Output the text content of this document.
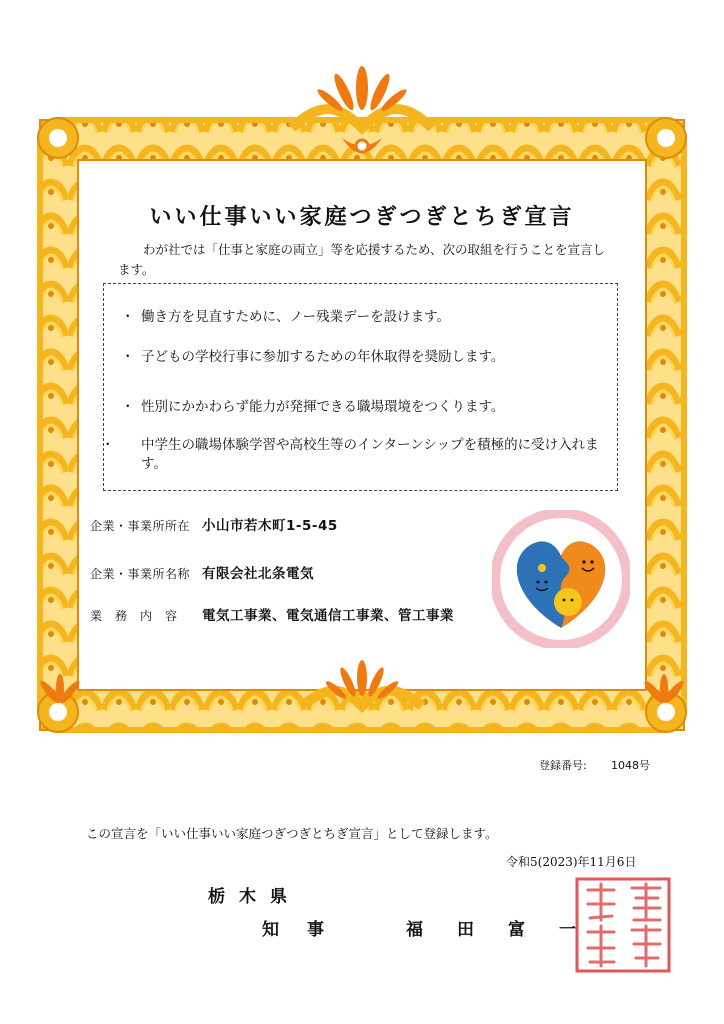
いい仕事いい家庭つぎつぎとちぎ宣言
わが社では「仕事と家庭の両立」等を応援するため、次の取組を行うことを宣言します。
・ 働き方を見直すために、ノー残業デーを設けます。
・ 子どもの学校行事に参加するための年休取得を奨励します。
・ 性別にかかわらず能力が発揮できる職場環境をつくります。
・ 中学生の職場体験学習や高校生等のインターンシップを積極的に受け入れます。
企業・事業所所在 小山市若木町1-5-45
企業・事業所名称 有限会社北条電気
業　務　内　容 電気工事業、電気通信工事業、管工事業
登録番号: 1048号
この宣言を「いい仕事いい家庭つぎつぎとちぎ宣言」として登録します。
令和5(2023)年11月6日
栃木県
知事	福田富一
